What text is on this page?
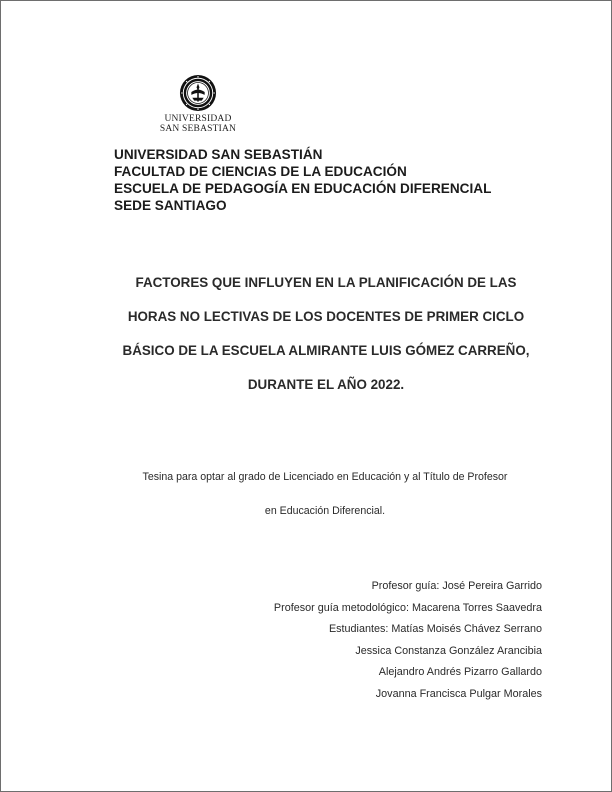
UNIVERSIDAD
SAN SEBASTIAN
UNIVERSIDAD SAN SEBASTIÁN
FACULTAD DE CIENCIAS DE LA EDUCACIÓN
ESCUELA DE PEDAGOGÍA EN EDUCACIÓN DIFERENCIAL
SEDE SANTIAGO
FACTORES QUE INFLUYEN EN LA PLANIFICACIÓN DE LAS
HORAS NO LECTIVAS DE LOS DOCENTES DE PRIMER CICLO
BÁSICO DE LA ESCUELA ALMIRANTE LUIS GÓMEZ CARREÑO,
DURANTE EL AÑO 2022.
Tesina para optar al grado de Licenciado en Educación y al Título de Profesor
en Educación Diferencial.
Profesor guía: José Pereira Garrido
Profesor guía metodológico: Macarena Torres Saavedra
Estudiantes: Matías Moisés Chávez Serrano
Jessica Constanza González Arancibia
Alejandro Andrés Pizarro Gallardo
Jovanna Francisca Pulgar Morales
